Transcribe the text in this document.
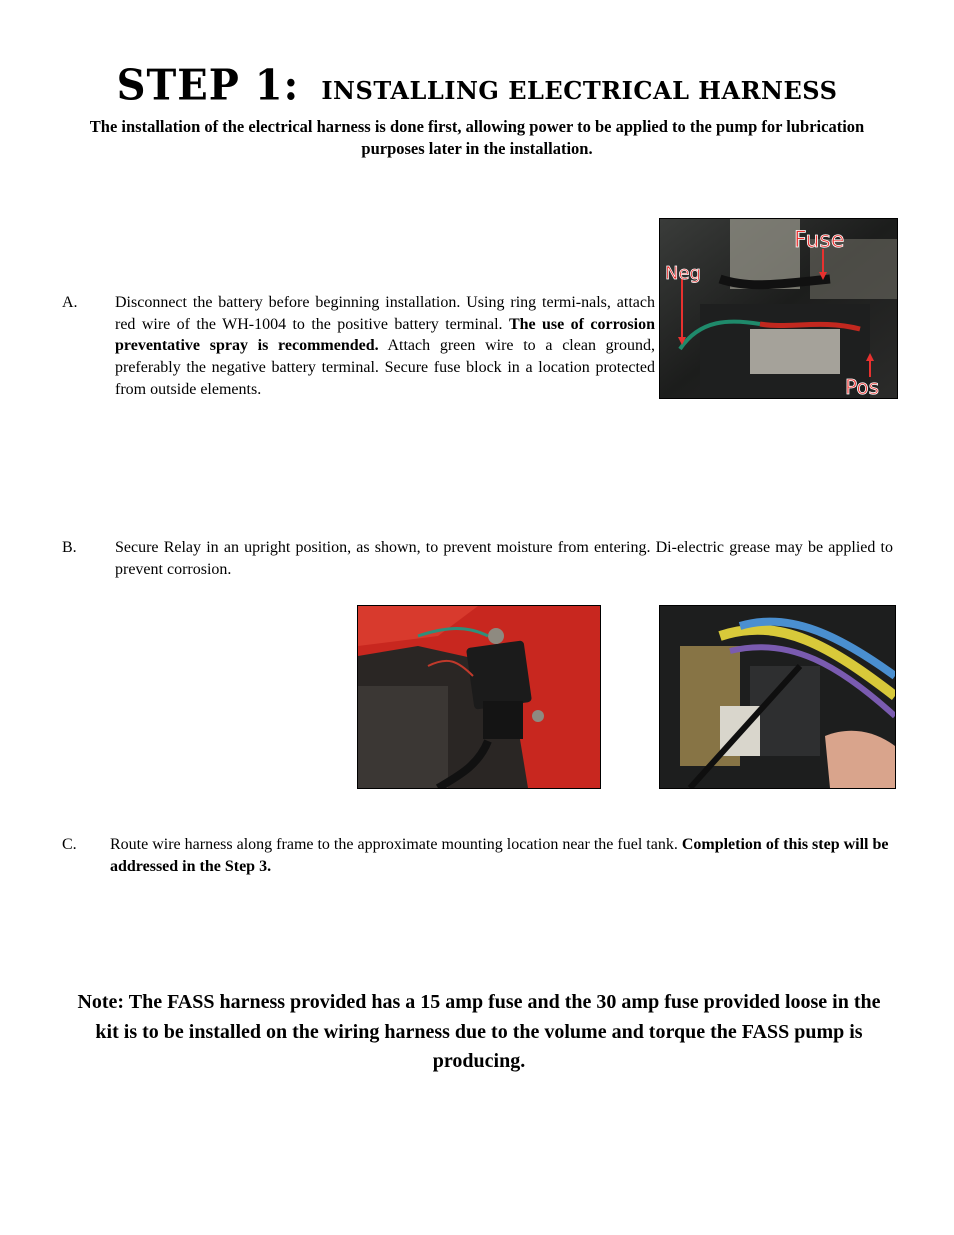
STEP 1: INSTALLING ELECTRICAL HARNESS
The installation of the electrical harness is done first, allowing power to be applied to the pump for lubrication purposes later in the installation.
A. Disconnect the battery before beginning installation. Using ring termi-nals, attach red wire of the WH-1004 to the positive battery terminal. The use of corrosion preventative spray is recommended. Attach green wire to a clean ground, preferably the negative battery terminal. Secure fuse block in a location protected from outside elements.
Fuse
Neg
Pos
B. Secure Relay in an upright position, as shown, to prevent moisture from entering. Di-electric grease may be applied to prevent corrosion.
C. Route wire harness along frame to the approximate mounting location near the fuel tank. Completion of this step will be addressed in the Step 3.
Note: The FASS harness provided has a 15 amp fuse and the 30 amp fuse provided loose in the kit is to be installed on the wiring harness due to the volume and torque the FASS pump is producing.
